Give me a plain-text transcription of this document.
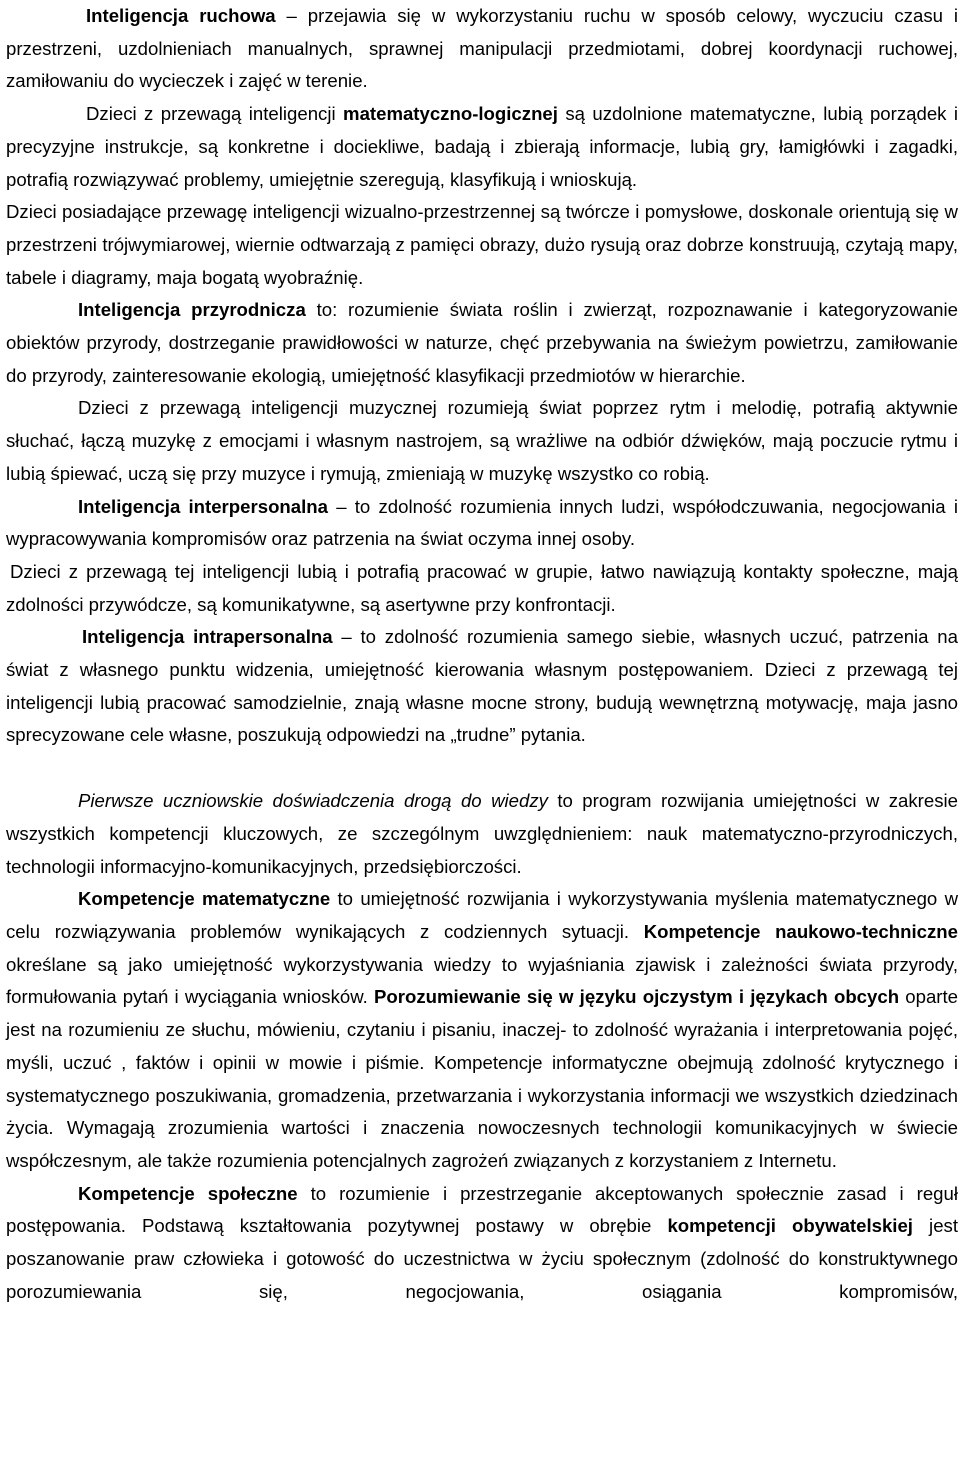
Inteligencja ruchowa – przejawia się w wykorzystaniu ruchu w sposób celowy, wyczuciu czasu i przestrzeni, uzdolnieniach manualnych, sprawnej manipulacji przedmiotami, dobrej koordynacji ruchowej, zamiłowaniu do wycieczek i zajęć w terenie.

Dzieci z przewagą inteligencji matematyczno-logicznej są uzdolnione matematyczne, lubią porządek i precyzyjne instrukcje, są konkretne i dociekliwe, badają i zbierają informacje, lubią gry, łamigłówki i zagadki, potrafią rozwiązywać problemy, umiejętnie szeregują, klasyfikują i wnioskują.

Dzieci posiadające przewagę inteligencji wizualno-przestrzennej są twórcze i pomysłowe, doskonale orientują się w przestrzeni trójwymiarowej, wiernie odtwarzają z pamięci obrazy, dużo rysują oraz dobrze konstruują, czytają mapy, tabele i diagramy, maja bogatą wyobraźnię.

Inteligencja przyrodnicza to: rozumienie świata roślin i zwierząt, rozpoznawanie i kategoryzowanie obiektów przyrody, dostrzeganie prawidłowości w naturze, chęć przebywania na świeżym powietrzu, zamiłowanie do przyrody, zainteresowanie ekologią, umiejętność klasyfikacji przedmiotów w hierarchie.

Dzieci z przewagą inteligencji muzycznej rozumieją świat poprzez rytm i melodię, potrafią aktywnie słuchać, łączą muzykę z emocjami i własnym nastrojem, są wrażliwe na odbiór dźwięków, mają poczucie rytmu i lubią śpiewać, uczą się przy muzyce i rymują, zmieniają w muzykę wszystko co robią.

Inteligencja interpersonalna – to zdolność rozumienia innych ludzi, współodczuwania, negocjowania i wypracowywania kompromisów oraz patrzenia na świat oczyma innej osoby.

Dzieci z przewagą tej inteligencji lubią i potrafią pracować w grupie, łatwo nawiązują kontakty społeczne, mają zdolności przywódcze, są komunikatywne, są asertywne przy konfrontacji.

Inteligencja intrapersonalna – to zdolność rozumienia samego siebie, własnych uczuć, patrzenia na świat z własnego punktu widzenia, umiejętność kierowania własnym postępowaniem. Dzieci z przewagą tej inteligencji lubią pracować samodzielnie, znają własne mocne strony, budują wewnętrzną motywację, maja jasno sprecyzowane cele własne, poszukują odpowiedzi na „trudne” pytania.

Pierwsze uczniowskie doświadczenia drogą do wiedzy to program rozwijania umiejętności w zakresie wszystkich kompetencji kluczowych, ze szczególnym uwzględnieniem: nauk matematyczno-przyrodniczych, technologii informacyjno-komunikacyjnych, przedsiębiorczości.

Kompetencje matematyczne to umiejętność rozwijania i wykorzystywania myślenia matematycznego w celu rozwiązywania problemów wynikających z codziennych sytuacji. Kompetencje naukowo-techniczne określane są jako umiejętność wykorzystywania wiedzy to wyjaśniania zjawisk i zależności świata przyrody, formułowania pytań i wyciągania wniosków. Porozumiewanie się w języku ojczystym i językach obcych oparte jest na rozumieniu ze słuchu, mówieniu, czytaniu i pisaniu, inaczej- to zdolność wyrażania i interpretowania pojęć, myśli, uczuć , faktów i opinii w mowie i piśmie. Kompetencje informatyczne obejmują zdolność krytycznego i systematycznego poszukiwania, gromadzenia, przetwarzania i wykorzystania informacji we wszystkich dziedzinach życia. Wymagają zrozumienia wartości i znaczenia nowoczesnych technologii komunikacyjnych w świecie współczesnym, ale także rozumienia potencjalnych zagrożeń związanych z korzystaniem z Internetu.

Kompetencje społeczne to rozumienie i przestrzeganie akceptowanych społecznie zasad i reguł postępowania. Podstawą kształtowania pozytywnej postawy w obrębie kompetencji obywatelskiej jest poszanowanie praw człowieka i gotowość do uczestnictwa w życiu społecznym (zdolność do konstruktywnego porozumiewania się, negocjowania, osiągania kompromisów,
